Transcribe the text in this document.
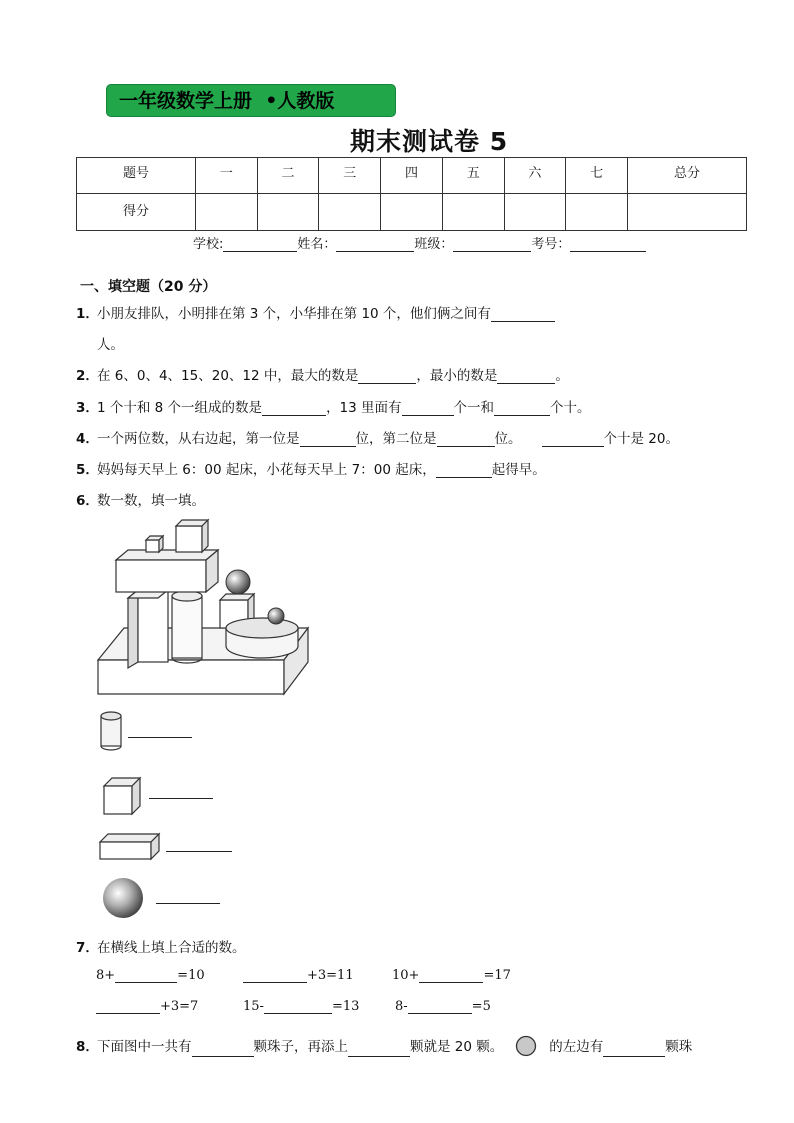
一年级数学上册  •人教版
期末测试卷 5
题号	一	二	三	四	五	六	七	总分
得分								
学校:	姓名：	班级：	考号：
一、填空题（20 分）
1．小朋友排队，小明排在第 3 个，小华排在第 10 个，他们俩之间有
人。
2．在 6、0、4、15、20、12 中，最大的数是	，最小的数是	。
3．1 个十和 8 个一组成的数是	，13 里面有	个一和	个十。
4．一个两位数，从右边起，第一位是	位，第二位是	位。	个十是 20。
5．妈妈每天早上 6：00 起床，小花每天早上 7：00 起床，	起得早。
6．数一数，填一填。
7．在横线上填上合适的数。
8+	=10	+3=11	10+	=17
+3=7	15-	=13	8-	=5
8．下面图中一共有	颗珠子，再添上	颗就是 20 颗。	的左边有	颗珠
